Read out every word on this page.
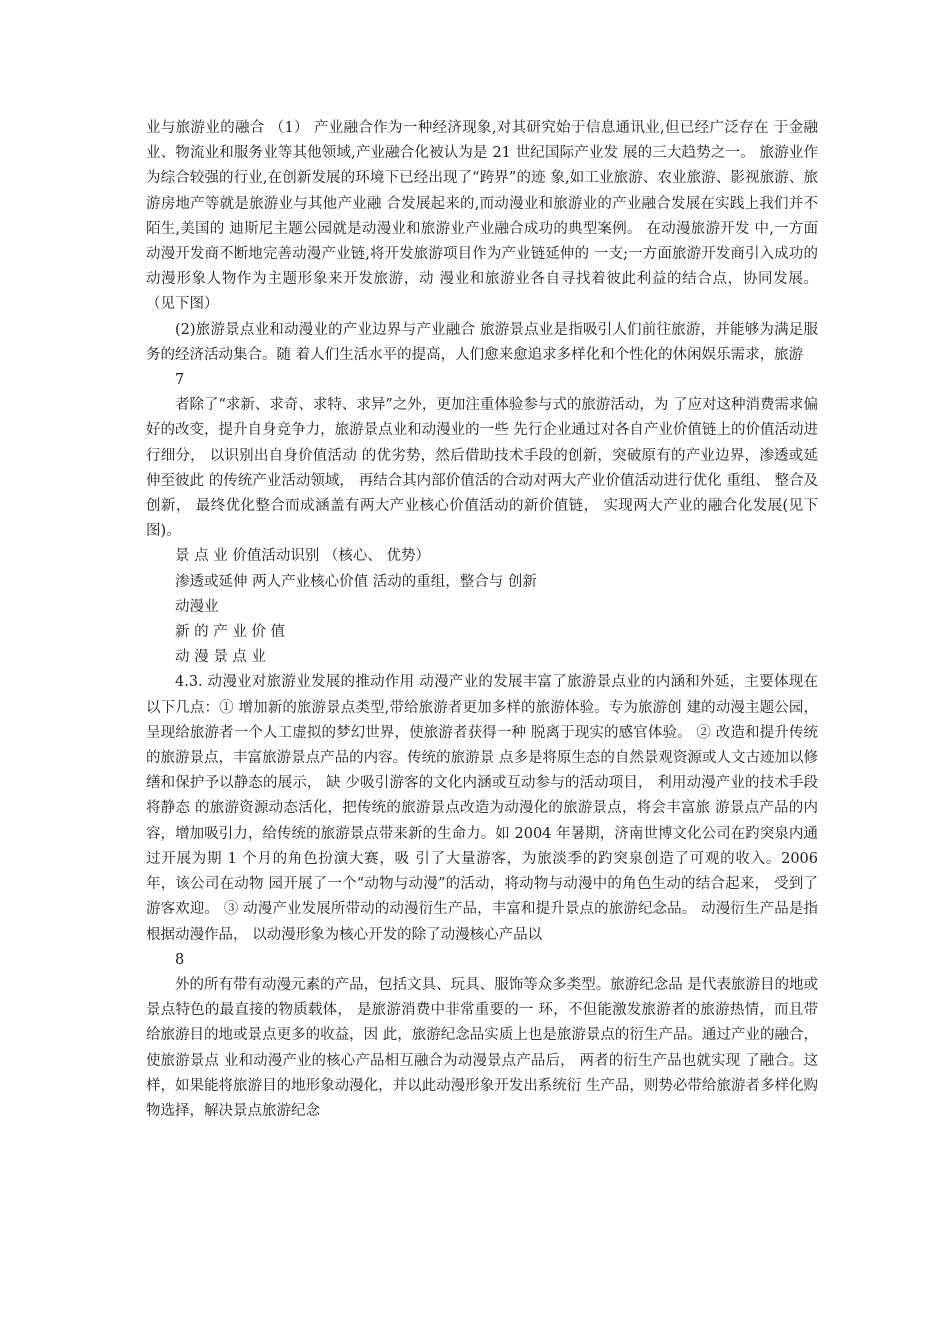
业与旅游业的融合 （1） 产业融合作为一种经济现象,对其研究始于信息通讯业,但已经广泛存在 于金融业、物流业和服务业等其他领域,产业融合化被认为是 21 世纪国际产业发 展的三大趋势之一。 旅游业作为综合较强的行业,在创新发展的环境下已经出现了“跨界”的迹 象,如工业旅游、农业旅游、影视旅游、旅游房地产等就是旅游业与其他产业融 合发展起来的,而动漫业和旅游业的产业融合发展在实践上我们并不陌生,美国的 迪斯尼主题公园就是动漫业和旅游业产业融合成功的典型案例。 在动漫旅游开发 中,一方面动漫开发商不断地完善动漫产业链,将开发旅游项目作为产业链延伸的 一支;一方面旅游开发商引入成功的动漫形象人物作为主题形象来开发旅游，动 漫业和旅游业各自寻找着彼此利益的结合点，协同发展。 （见下图）

(2)旅游景点业和动漫业的产业边界与产业融合 旅游景点业是指吸引人们前往旅游，并能够为满足服务的经济活动集合。随 着人们生活水平的提高，人们愈来愈追求多样化和个性化的休闲娱乐需求，旅游

7

者除了“求新、求奇、求特、求异”之外，更加注重体验参与式的旅游活动，为 了应对这种消费需求偏好的改变，提升自身竞争力，旅游景点业和动漫业的一些 先行企业通过对各自产业价值链上的价值活动进行细分， 以识别出自身价值活动 的优劣势，然后借助技术手段的创新，突破原有的产业边界，渗透或延伸至彼此 的传统产业活动领域， 再结合其内部价值活的合动对两大产业价值活动进行优化 重组、 整合及创新， 最终优化整合而成涵盖有两大产业核心价值活动的新价值链， 实现两大产业的融合化发展(见下图)。

景 点 业 价值活动识别 （核心、 优势）

渗透或延伸 两人产业核心价值 活动的重组，整合与 创新

动漫业

新 的 产 业 价 值

动 漫 景 点 业

4.3. 动漫业对旅游业发展的推动作用 动漫产业的发展丰富了旅游景点业的内涵和外延，主要体现在以下几点：① 增加新的旅游景点类型,带给旅游者更加多样的旅游体验。专为旅游创 建的动漫主题公园，呈现给旅游者一个人工虚拟的梦幻世界，使旅游者获得一种 脱离于现实的感官体验。 ② 改造和提升传统的旅游景点，丰富旅游景点产品的内容。传统的旅游景 点多是将原生态的自然景观资源或人文古迹加以修缮和保护予以静态的展示， 缺 少吸引游客的文化内涵或互动参与的活动项目， 利用动漫产业的技术手段将静态 的旅游资源动态活化，把传统的旅游景点改造为动漫化的旅游景点，将会丰富旅 游景点产品的内容，增加吸引力，给传统的旅游景点带来新的生命力。如 2004 年暑期，济南世博文化公司在趵突泉内通过开展为期 1 个月的角色扮演大赛，吸 引了大量游客，为旅淡季的趵突泉创造了可观的收入。2006 年，该公司在动物 园开展了一个“动物与动漫”的活动，将动物与动漫中的角色生动的结合起来， 受到了游客欢迎。 ③ 动漫产业发展所带动的动漫衍生产品，丰富和提升景点的旅游纪念品。 动漫衍生产品是指根据动漫作品， 以动漫形象为核心开发的除了动漫核心产品以

8

外的所有带有动漫元素的产品，包括文具、玩具、服饰等众多类型。旅游纪念品 是代表旅游目的地或景点特色的最直接的物质载体， 是旅游消费中非常重要的一 环，不但能激发旅游者的旅游热情，而且带给旅游目的地或景点更多的收益，因 此，旅游纪念品实质上也是旅游景点的衍生产品。通过产业的融合，使旅游景点 业和动漫产业的核心产品相互融合为动漫景点产品后， 两者的衍生产品也就实现 了融合。这样，如果能将旅游目的地形象动漫化，并以此动漫形象开发出系统衍 生产品，则势必带给旅游者多样化购物选择，解决景点旅游纪念
